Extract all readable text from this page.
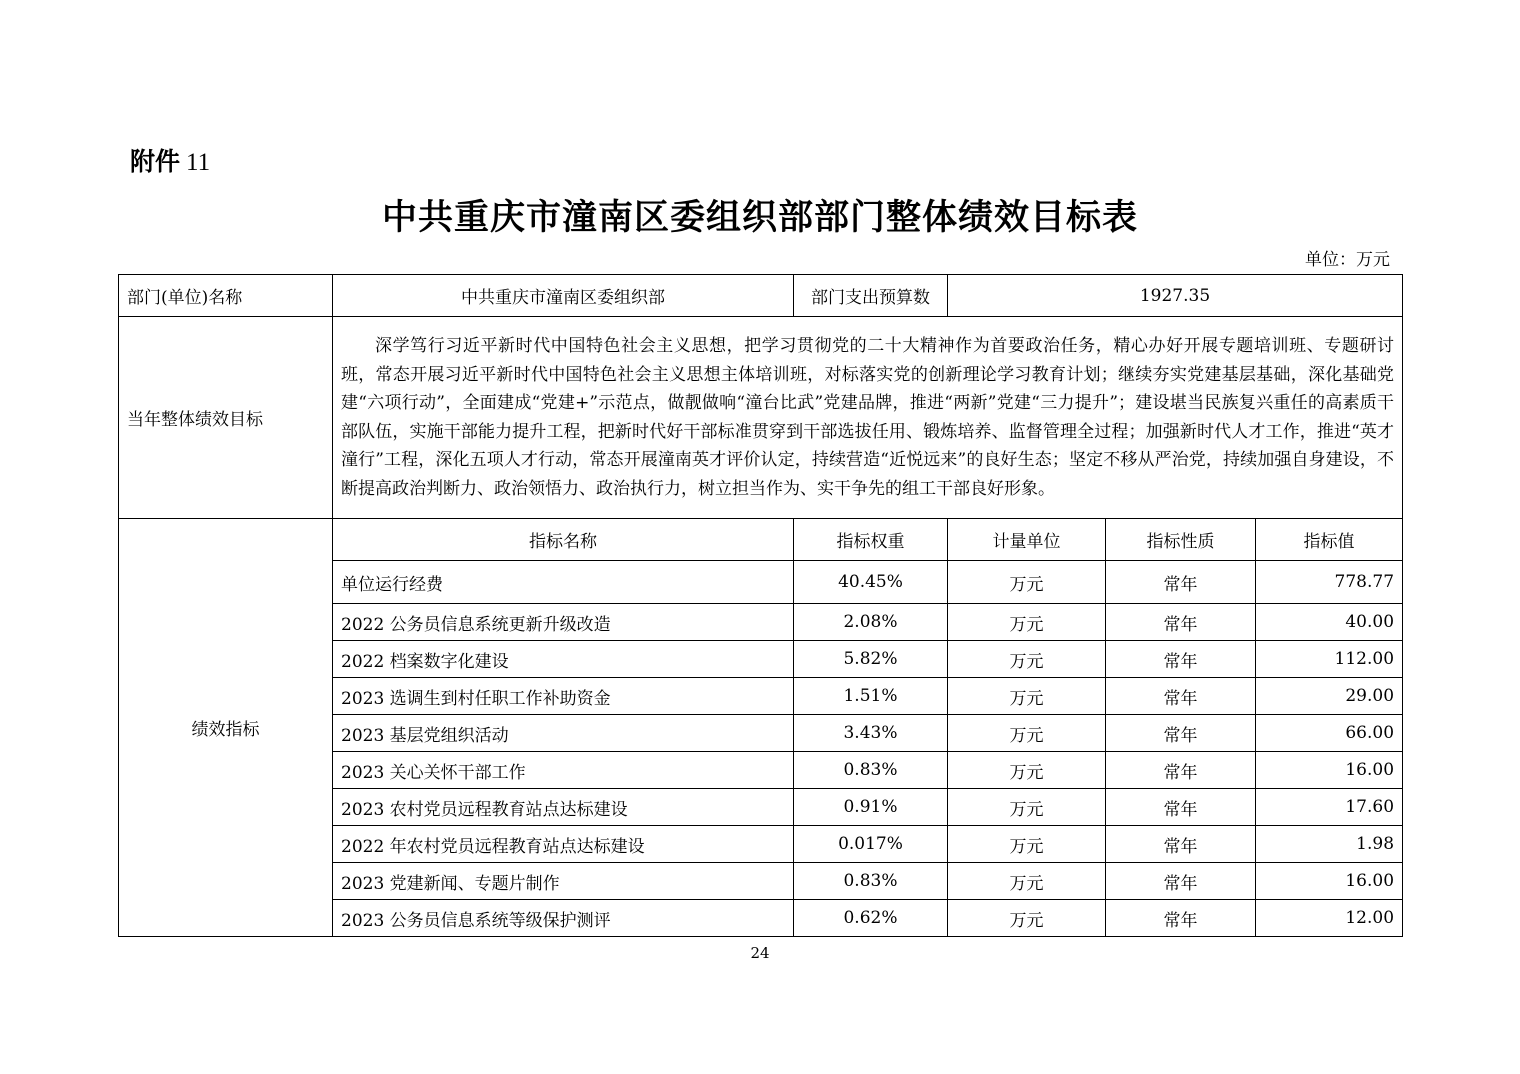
附件 11
中共重庆市潼南区委组织部部门整体绩效目标表
单位：万元
部门(单位)名称	中共重庆市潼南区委组织部	部门支出预算数	1927.35		
当年整体绩效目标	深学笃行习近平新时代中国特色社会主义思想，把学习贯彻党的二十大精神作为首要政治任务，精心办好开展专题培训班、专题研讨班，常态开展习近平新时代中国特色社会主义思想主体培训班，对标落实党的创新理论学习教育计划；继续夯实党建基层基础，深化基础党建“六项行动”，全面建成“党建+”示范点，做靓做响“潼台比武”党建品牌，推进“两新”党建“三力提升”；建设堪当民族复兴重任的高素质干部队伍，实施干部能力提升工程，把新时代好干部标准贯穿到干部选拔任用、锻炼培养、监督管理全过程；加强新时代人才工作，推进“英才潼行”工程，深化五项人才行动，常态开展潼南英才评价认定，持续营造“近悦远来”的良好生态；坚定不移从严治党，持续加强自身建设，不断提高政治判断力、政治领悟力、政治执行力，树立担当作为、实干争先的组工干部良好形象。				
绩效指标	指标名称	指标权重	计量单位	指标性质	指标值
	单位运行经费	40.45%	万元	常年	778.77
	2022 公务员信息系统更新升级改造	2.08%	万元	常年	40.00
	2022 档案数字化建设	5.82%	万元	常年	112.00
	2023 选调生到村任职工作补助资金	1.51%	万元	常年	29.00
	2023 基层党组织活动	3.43%	万元	常年	66.00
	2023 关心关怀干部工作	0.83%	万元	常年	16.00
	2023 农村党员远程教育站点达标建设	0.91%	万元	常年	17.60
	2022 年农村党员远程教育站点达标建设	0.017%	万元	常年	1.98
	2023 党建新闻、专题片制作	0.83%	万元	常年	16.00
	2023 公务员信息系统等级保护测评	0.62%	万元	常年	12.00
24
